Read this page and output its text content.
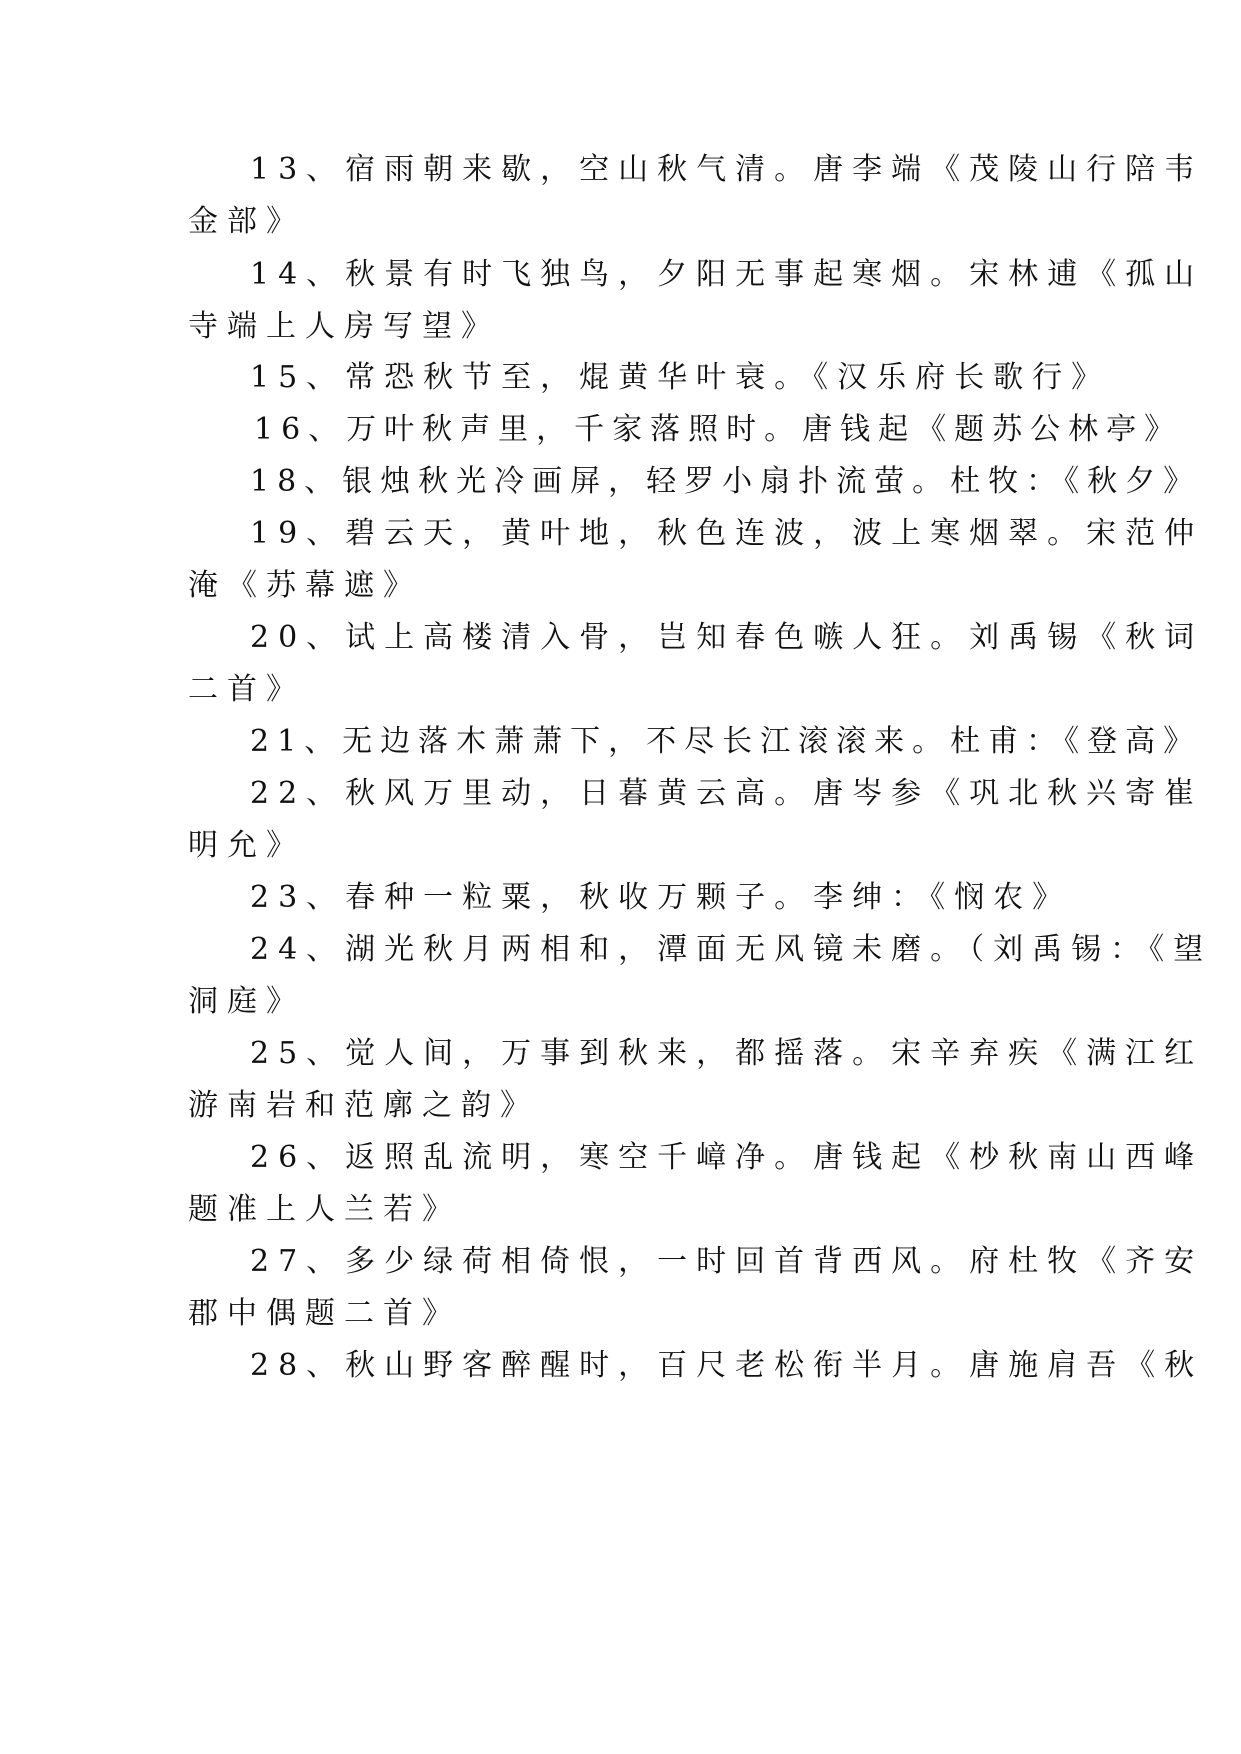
13、宿雨朝来歇，空山秋气清。唐李端《茂陵山行陪韦
金部》
14、秋景有时飞独鸟，夕阳无事起寒烟。宋林逋《孤山
寺端上人房写望》
15、常恐秋节至，焜黄华叶衰。《汉乐府长歌行》
16、万叶秋声里，千家落照时。唐钱起《题苏公林亭》
18、银烛秋光冷画屏，轻罗小扇扑流萤。杜牧：《秋夕》
19、碧云天，黄叶地，秋色连波，波上寒烟翠。宋范仲
淹《苏幕遮》
20、试上高楼清入骨，岂知春色嗾人狂。刘禹锡《秋词
二首》
21、无边落木萧萧下，不尽长江滚滚来。杜甫：《登高》
22、秋风万里动，日暮黄云高。唐岑参《巩北秋兴寄崔
明允》
23、春种一粒粟，秋收万颗子。李绅：《悯农》
24、湖光秋月两相和，潭面无风镜未磨。（刘禹锡：《望
洞庭》
25、觉人间，万事到秋来，都摇落。宋辛弃疾《满江红
游南岩和范廓之韵》
26、返照乱流明，寒空千嶂净。唐钱起《杪秋南山西峰
题准上人兰若》
27、多少绿荷相倚恨，一时回首背西风。府杜牧《齐安
郡中偶题二首》
28、秋山野客醉醒时，百尺老松衔半月。唐施肩吾《秋
